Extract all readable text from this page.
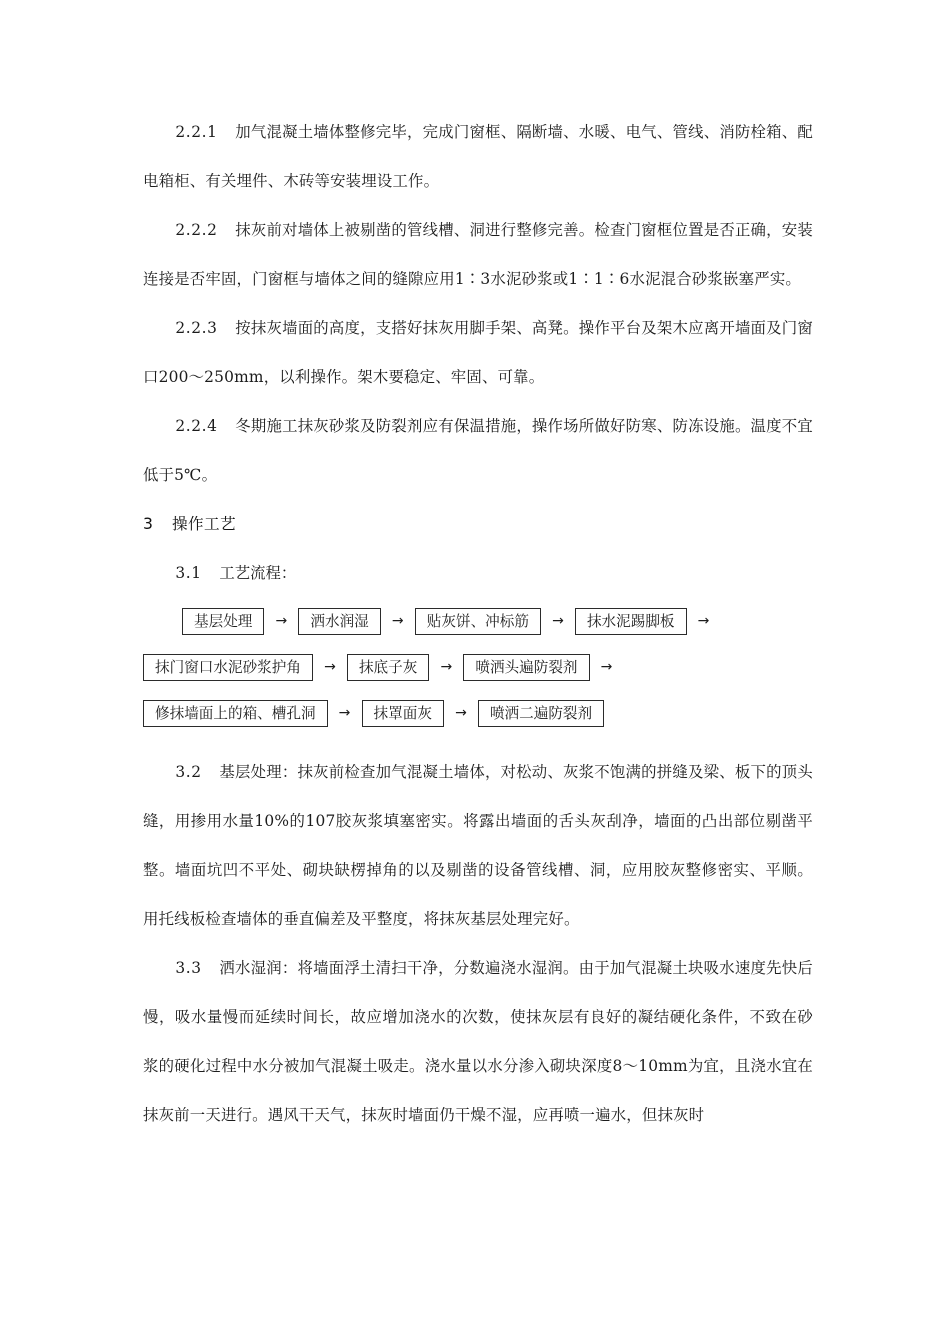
2.2.1 加气混凝土墙体整修完毕，完成门窗框、隔断墙、水暖、电气、管线、消防栓箱、配电箱柜、有关埋件、木砖等安装埋设工作。

2.2.2 抹灰前对墙体上被剔凿的管线槽、洞进行整修完善。检查门窗框位置是否正确，安装连接是否牢固，门窗框与墙体之间的缝隙应用1∶3水泥砂浆或1∶1∶6水泥混合砂浆嵌塞严实。

2.2.3 按抹灰墙面的高度，支搭好抹灰用脚手架、高凳。操作平台及架木应离开墙面及门窗口200～250mm，以利操作。架木要稳定、牢固、可靠。

2.2.4 冬期施工抹灰砂浆及防裂剂应有保温措施，操作场所做好防寒、防冻设施。温度不宜低于5℃。

3 操作工艺

3.1 工艺流程：

基层处理	→	洒水润湿	→	贴灰饼、冲标筋	→	抹水泥踢脚板	→
抹门窗口水泥砂浆护角	→	抹底子灰	→	喷洒头遍防裂剂	→
修抹墙面上的箱、槽孔洞	→	抹罩面灰	→	喷洒二遍防裂剂

3.2 基层处理：抹灰前检查加气混凝土墙体，对松动、灰浆不饱满的拼缝及梁、板下的顶头缝，用掺用水量10%的107胶灰浆填塞密实。将露出墙面的舌头灰刮净，墙面的凸出部位剔凿平整。墙面坑凹不平处、砌块缺楞掉角的以及剔凿的设备管线槽、洞，应用胶灰整修密实、平顺。用托线板检查墙体的垂直偏差及平整度，将抹灰基层处理完好。

3.3 洒水湿润：将墙面浮土清扫干净，分数遍浇水湿润。由于加气混凝土块吸水速度先快后慢，吸水量慢而延续时间长，故应增加浇水的次数，使抹灰层有良好的凝结硬化条件，不致在砂浆的硬化过程中水分被加气混凝土吸走。浇水量以水分渗入砌块深度8～10mm为宜，且浇水宜在抹灰前一天进行。遇风干天气，抹灰时墙面仍干燥不湿，应再喷一遍水，但抹灰时
